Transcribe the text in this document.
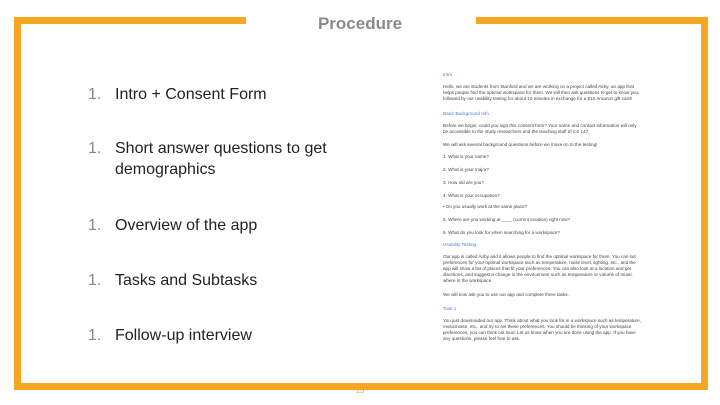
Procedure
1. Intro + Consent Form
1. Short answer questions to get demographics
1. Overview of the app
1. Tasks and Subtasks
1. Follow-up interview
Intro
Hello, we are students from Stanford and we are working on a project called Airby, an app that helps people find the optimal workspace for them. We will then ask questions to get to know you, followed by our usability testing for about 10 minutes in exchange for a $10 Amazon gift card!
Basic Background Info
Before we begin, could you sign this consent form? Your name and contact information will only be accessible to the study researchers and the teaching staff of CS 147.
We will ask several background questions before we move on to the testing!
1. What is your name?
2. What is your major?
3. How old are you?
4. What is your occupation?
• Do you usually work at the same place?
5. Where are you working at ____ (current location) right now?
6. What do you look for when searching for a workspace?
Usability Testing
Our app is called Airby and it allows people to find the optimal workspace for them. You can set preferences for your optimal workspace such as temperature, noise level, lighting, etc., and the app will show a list of places that fit your preferences. You can also look at a location and get directions, and suggest a change in the environment such as temperature or volume of music where in the workspace.
We will now ask you to use our app and complete three tasks.
Task 1
You just downloaded our app. Think about what you look for in a workspace such as temperature, music/noise, etc., and try to set these preferences. You should be thinking of your workspace preferences, you can think out loud. Let us know when you are done using the app. If you have any questions, please feel free to ask.
15
